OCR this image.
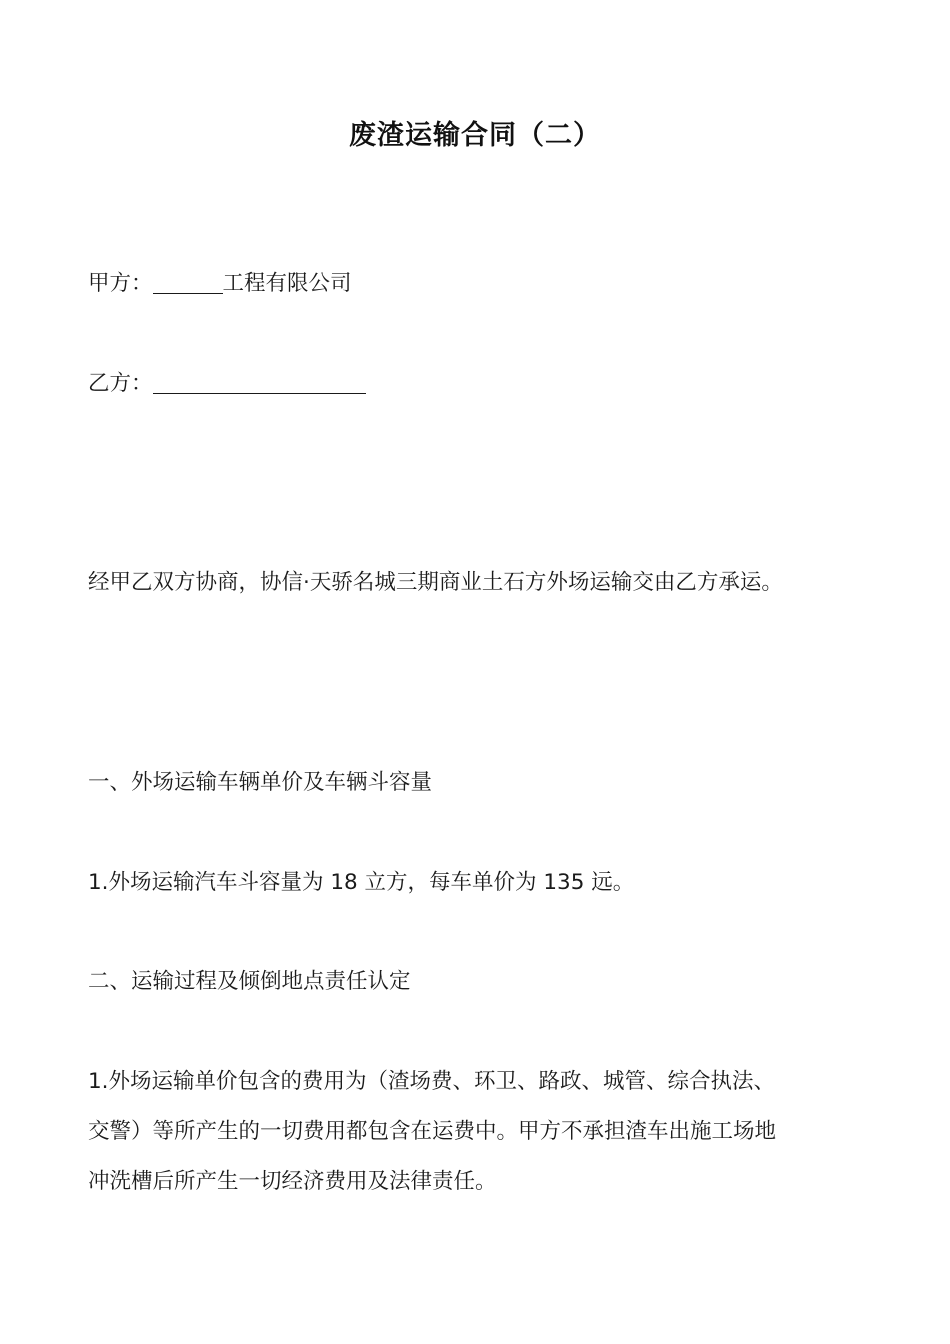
废渣运输合同（二）
甲方：	工程有限公司
乙方：
经甲乙双方协商，协信·天骄名城三期商业土石方外场运输交由乙方承运。
一、外场运输车辆单价及车辆斗容量
1.外场运输汽车斗容量为 18 立方，每车单价为 135 远。
二、运输过程及倾倒地点责任认定
1.外场运输单价包含的费用为（渣场费、环卫、路政、城管、综合执法、
交警）等所产生的一切费用都包含在运费中。甲方不承担渣车出施工场地
冲洗槽后所产生一切经济费用及法律责任。
